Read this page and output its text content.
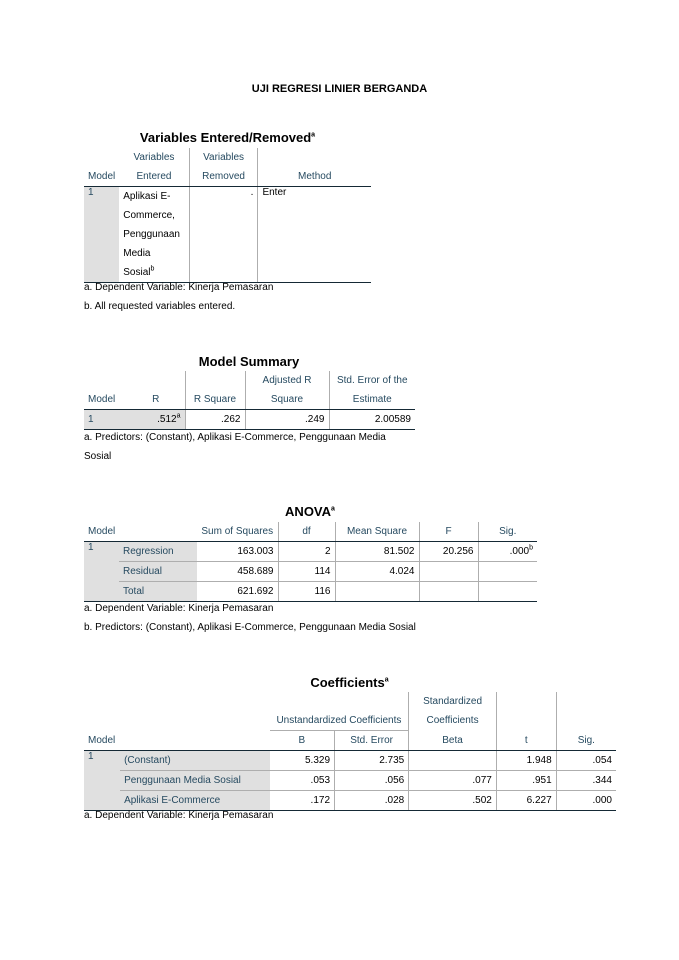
UJI REGRESI LINIER BERGANDA
Variables Entered/Removed$^a$
	Variables	Variables	
Model	Entered	Removed	Method
1	Aplikasi E-
Commerce,
Penggunaan
Media
Sosial$^b$	.	Enter
a. Dependent Variable: Kinerja Pemasaran
b. All requested variables entered.
Model Summary
			Adjusted R	Std. Error of the
Model	R	R Square	Square	Estimate
1	.512$^a$	.262	.249	2.00589
a. Predictors: (Constant), Aplikasi E-Commerce, Penggunaan Media
Sosial
ANOVA$^a$
Model		Sum of Squares	df	Mean Square	F	Sig.
1	Regression	163.003	2	81.502	20.256	.000$^b$
	Residual	458.689	114	4.024		
	Total	621.692	116			
a. Dependent Variable: Kinerja Pemasaran
b. Predictors: (Constant), Aplikasi E-Commerce, Penggunaan Media Sosial
Coefficients$^a$
				Standardized		
		Unstandardized Coefficients		Coefficients		
Model		B	Std. Error	Beta	t	Sig.
1	(Constant)	5.329	2.735		1.948	.054
	Penggunaan Media Sosial	.053	.056	.077	.951	.344
	Aplikasi E-Commerce	.172	.028	.502	6.227	.000
a. Dependent Variable: Kinerja Pemasaran
